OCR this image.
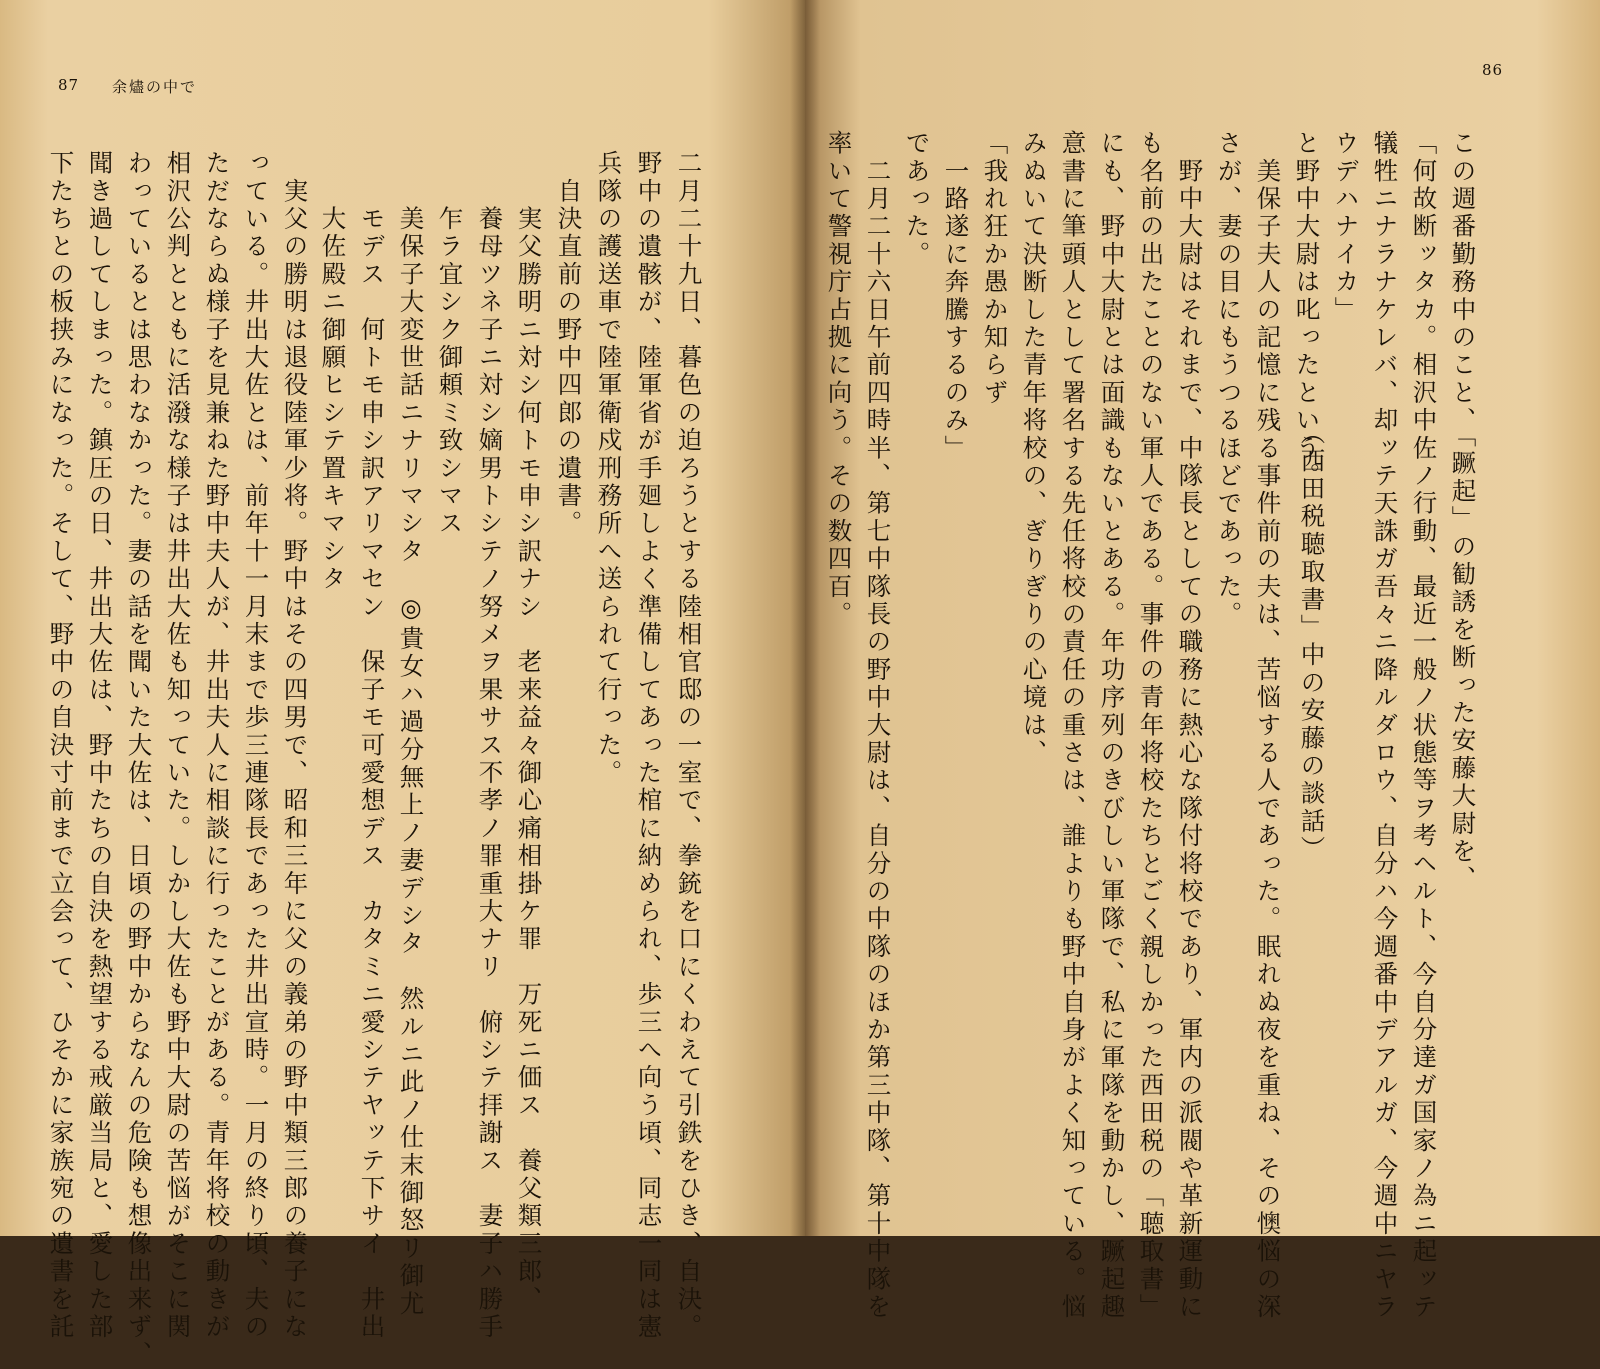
87 余燼の中で
二月二十九日、暮色の迫ろうとする陸相官邸の一室で、拳銃を口にくわえて引鉄をひき、自決。
野中の遺骸が、陸軍省が手廻しよく準備してあった棺に納められ、歩三へ向う頃、同志一同は憲
兵隊の護送車で陸軍衛戍刑務所へ送られて行った。
　自決直前の野中四郎の遺書。
　　実父勝明ニ対シ何トモ申シ訳ナシ　老来益々御心痛相掛ケ罪　万死ニ価ス　養父類三郎、
　　養母ツネ子ニ対シ嫡男トシテノ努メヲ果サス不孝ノ罪重大ナリ　俯シテ拝謝ス　妻子ハ勝手
　　乍ラ宜シク御頼ミ致シマス
　　美保子大変世話ニナリマシタ　◎貴女ハ過分無上ノ妻デシタ　然ルニ此ノ仕末御怒リ御尤
　　モデス　何トモ申シ訳アリマセン　保子モ可愛想デス　カタミニ愛シテヤッテ下サイ　井出
　　大佐殿ニ御願ヒシテ置キマシタ
　実父の勝明は退役陸軍少将。野中はその四男で、昭和三年に父の義弟の野中類三郎の養子にな
っている。井出大佐とは、前年十一月末まで歩三連隊長であった井出宣時。一月の終り頃、夫の
ただならぬ様子を見兼ねた野中夫人が、井出夫人に相談に行ったことがある。青年将校の動きが
相沢公判とともに活潑な様子は井出大佐も知っていた。しかし大佐も野中大尉の苦悩がそこに関
わっているとは思わなかった。妻の話を聞いた大佐は、日頃の野中からなんの危険も想像出来ず、
聞き過してしまった。鎮圧の日、井出大佐は、野中たちの自決を熱望する戒厳当局と、愛した部
下たちとの板挟みになった。そして、野中の自決寸前まで立会って、ひそかに家族宛の遺書を託
86
この週番勤務中のこと、「蹶起」の勧誘を断った安藤大尉を、
「何故断ッタカ。相沢中佐ノ行動、最近一般ノ状態等ヲ考ヘルト、今自分達ガ国家ノ為ニ起ッテ
犠牲ニナラナケレバ、却ッテ天誅ガ吾々ニ降ルダロウ、自分ハ今週番中デアルガ、今週中ニヤラ
ウデハナイカ」
と野中大尉は叱ったという。
（西田税聴取書」中の安藤の談話）
　美保子夫人の記憶に残る事件前の夫は、苦悩する人であった。眠れぬ夜を重ね、その懊悩の深
さが、妻の目にもうつるほどであった。
　野中大尉はそれまで、中隊長としての職務に熱心な隊付将校であり、軍内の派閥や革新運動に
も名前の出たことのない軍人である。事件の青年将校たちとごく親しかった西田税の「聴取書」
にも、野中大尉とは面識もないとある。年功序列のきびしい軍隊で、私に軍隊を動かし、蹶起趣
意書に筆頭人として署名する先任将校の責任の重さは、誰よりも野中自身がよく知っている。悩
みぬいて決断した青年将校の、ぎりぎりの心境は、
「我れ狂か愚か知らず
　一路遂に奔騰するのみ」
であった。
　二月二十六日午前四時半、第七中隊長の野中大尉は、自分の中隊のほか第三中隊、第十中隊を
率いて警視庁占拠に向う。その数四百。
